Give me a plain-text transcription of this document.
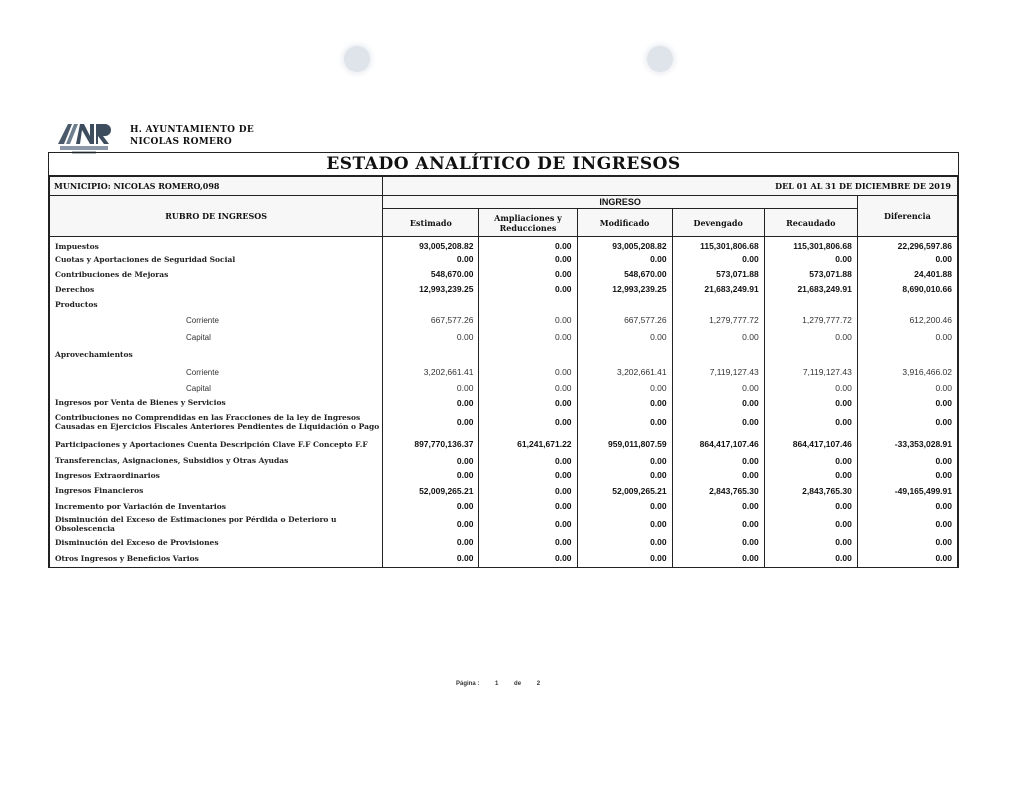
H. AYUNTAMIENTO DE
NICOLAS ROMERO
ESTADO ANALÍTICO DE INGRESOS
MUNICIPIO: NICOLAS ROMERO,098	DEL 01 AL 31 DE DICIEMBRE DE 2019					
RUBRO DE INGRESOS	INGRESO					Diferencia
	Estimado	Ampliaciones y Reducciones	Modificado	Devengado	Recaudado	
Impuestos	93,005,208.82	0.00	93,005,208.82	115,301,806.68	115,301,806.68	22,296,597.86
Cuotas y Aportaciones de Seguridad Social	0.00	0.00	0.00	0.00	0.00	0.00
Contribuciones de Mejoras	548,670.00	0.00	548,670.00	573,071.88	573,071.88	24,401.88
Derechos	12,993,239.25	0.00	12,993,239.25	21,683,249.91	21,683,249.91	8,690,010.66
Productos						
Corriente	667,577.26	0.00	667,577.26	1,279,777.72	1,279,777.72	612,200.46
Capital	0.00	0.00	0.00	0.00	0.00	0.00
Aprovechamientos						
Corriente	3,202,661.41	0.00	3,202,661.41	7,119,127.43	7,119,127.43	3,916,466.02
Capital	0.00	0.00	0.00	0.00	0.00	0.00
Ingresos por Venta de Bienes y Servicios	0.00	0.00	0.00	0.00	0.00	0.00
Contribuciones no Comprendidas en las Fracciones de la ley de Ingresos Causadas en Ejercicios Fiscales Anteriores Pendientes de Liquidación o Pago	0.00	0.00	0.00	0.00	0.00	0.00
Participaciones y Aportaciones Cuenta Descripción Clave F.F Concepto F.F	897,770,136.37	61,241,671.22	959,011,807.59	864,417,107.46	864,417,107.46	-33,353,028.91
Transferencias, Asignaciones, Subsidios y Otras Ayudas	0.00	0.00	0.00	0.00	0.00	0.00
Ingresos Extraordinarios	0.00	0.00	0.00	0.00	0.00	0.00
Ingresos Financieros	52,009,265.21	0.00	52,009,265.21	2,843,765.30	2,843,765.30	-49,165,499.91
Incremento por Variación de Inventarios	0.00	0.00	0.00	0.00	0.00	0.00
Disminución del Exceso de Estimaciones por Pérdida o Deterioro u Obsolescencia	0.00	0.00	0.00	0.00	0.00	0.00
Disminución del Exceso de Provisiones	0.00	0.00	0.00	0.00	0.00	0.00
Otros Ingresos y Beneficios Varios	0.00	0.00	0.00	0.00	0.00	0.00
Página :	1	de	2
